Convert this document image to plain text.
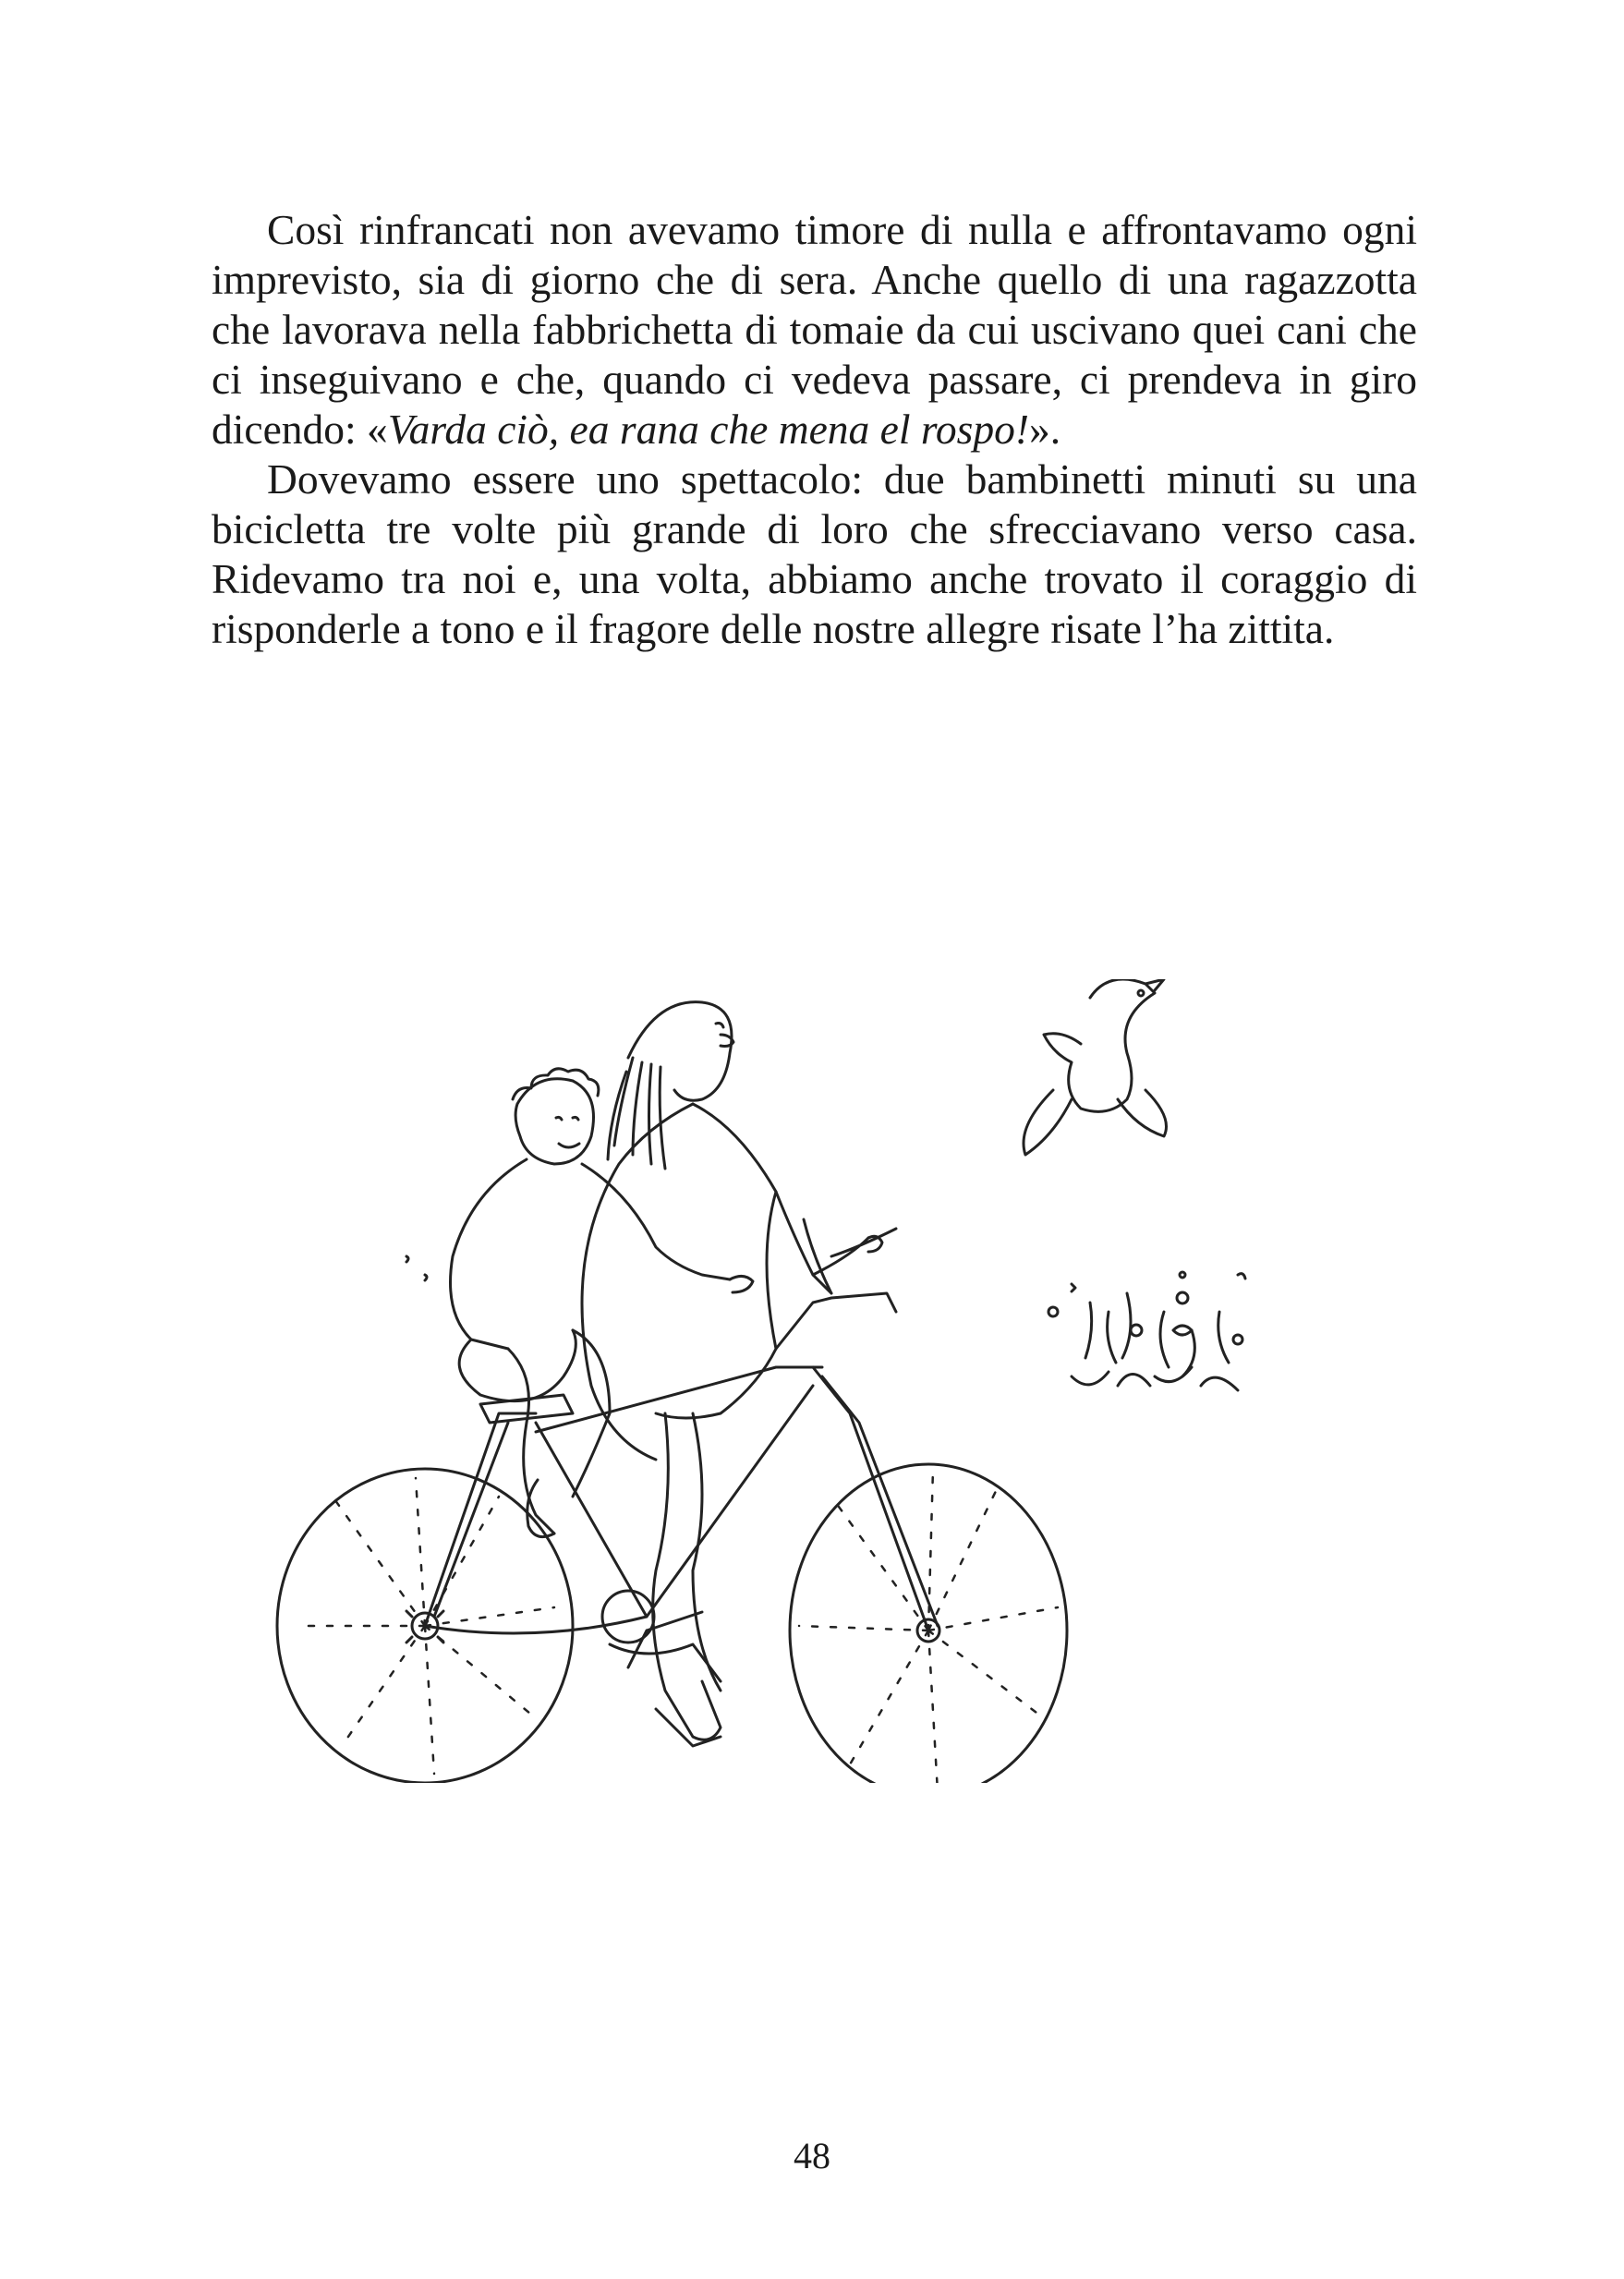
Così rinfrancati non avevamo timore di nulla e affrontavamo ogni imprevisto, sia di giorno che di sera. Anche quello di una ragazzotta che lavorava nella fabbrichetta di tomaie da cui uscivano quei cani che ci inseguivano e che, quando ci vedeva passare, ci prendeva in giro dicendo: «Varda ciò, ea rana che mena el rospo!».

Dovevamo essere uno spettacolo: due bambinetti minuti su una bicicletta tre volte più grande di loro che sfrecciavano verso casa. Ridevamo tra noi e, una volta, abbiamo anche trovato il coraggio di risponderle a tono e il fragore delle nostre allegre risate l’ha zittita.

48
